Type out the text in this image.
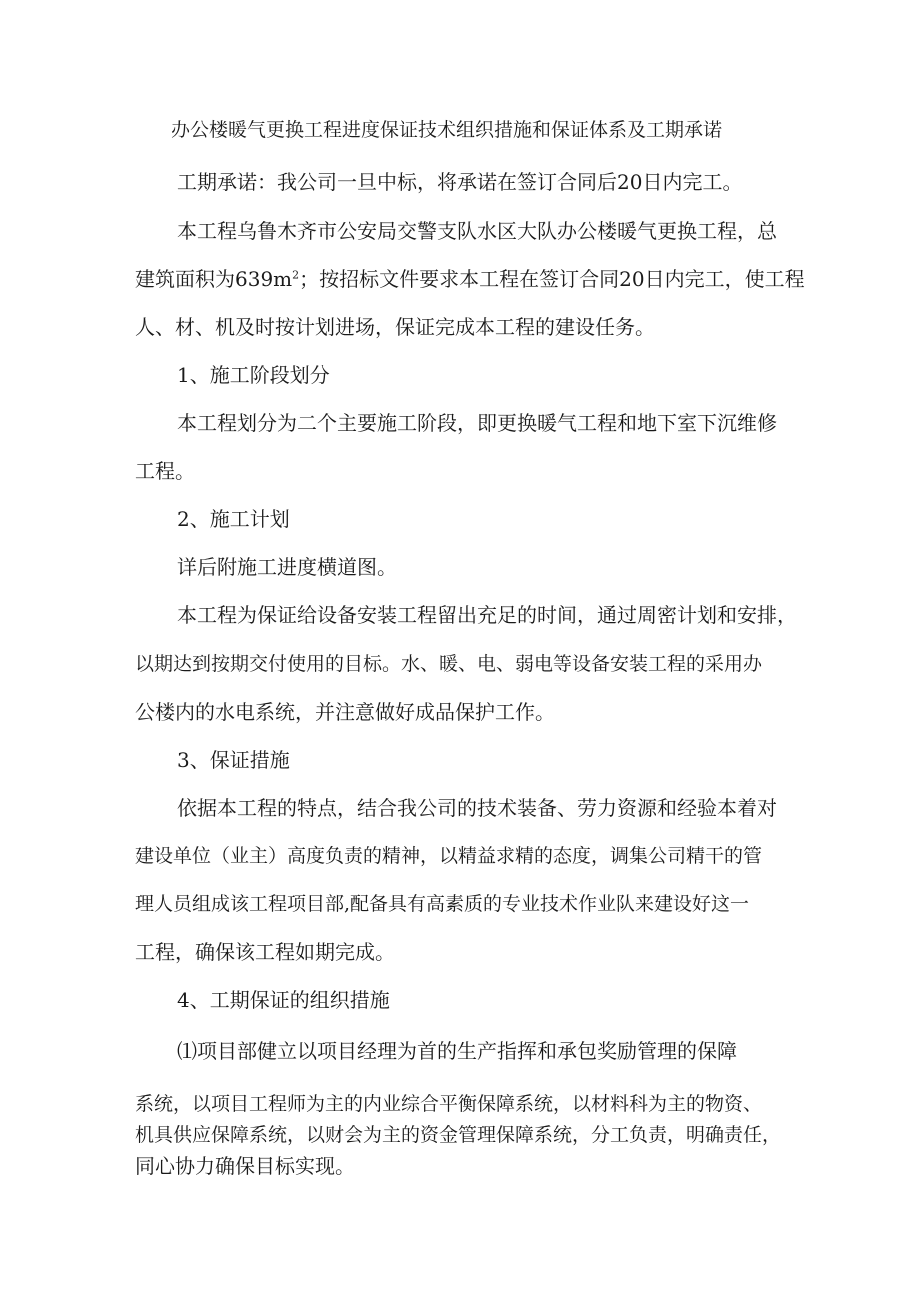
办公楼暖气更换工程进度保证技术组织措施和保证体系及工期承诺
工期承诺：我公司一旦中标，将承诺在签订合同后20日内完工。
本工程乌鲁木齐市公安局交警支队水区大队办公楼暖气更换工程，总
建筑面积为$639m^2$；按招标文件要求本工程在签订合同20日内完工，使工程
人、材、机及时按计划进场，保证完成本工程的建设任务。
1、施工阶段划分
本工程划分为二个主要施工阶段，即更换暖气工程和地下室下沉维修
工程。
2、施工计划
详后附施工进度横道图。
本工程为保证给设备安装工程留出充足的时间，通过周密计划和安排，
以期达到按期交付使用的目标。水、暖、电、弱电等设备安装工程的采用办
公楼内的水电系统，并注意做好成品保护工作。
3、保证措施
依据本工程的特点，结合我公司的技术装备、劳力资源和经验本着对
建设单位（业主）高度负责的精神，以精益求精的态度，调集公司精干的管
理人员组成该工程项目部,配备具有高素质的专业技术作业队来建设好这一
工程，确保该工程如期完成。
4、工期保证的组织措施
⑴项目部健立以项目经理为首的生产指挥和承包奖励管理的保障
系统，以项目工程师为主的内业综合平衡保障系统，以材料科为主的物资、
机具供应保障系统，以财会为主的资金管理保障系统，分工负责，明确责任，
同心协力确保目标实现。
